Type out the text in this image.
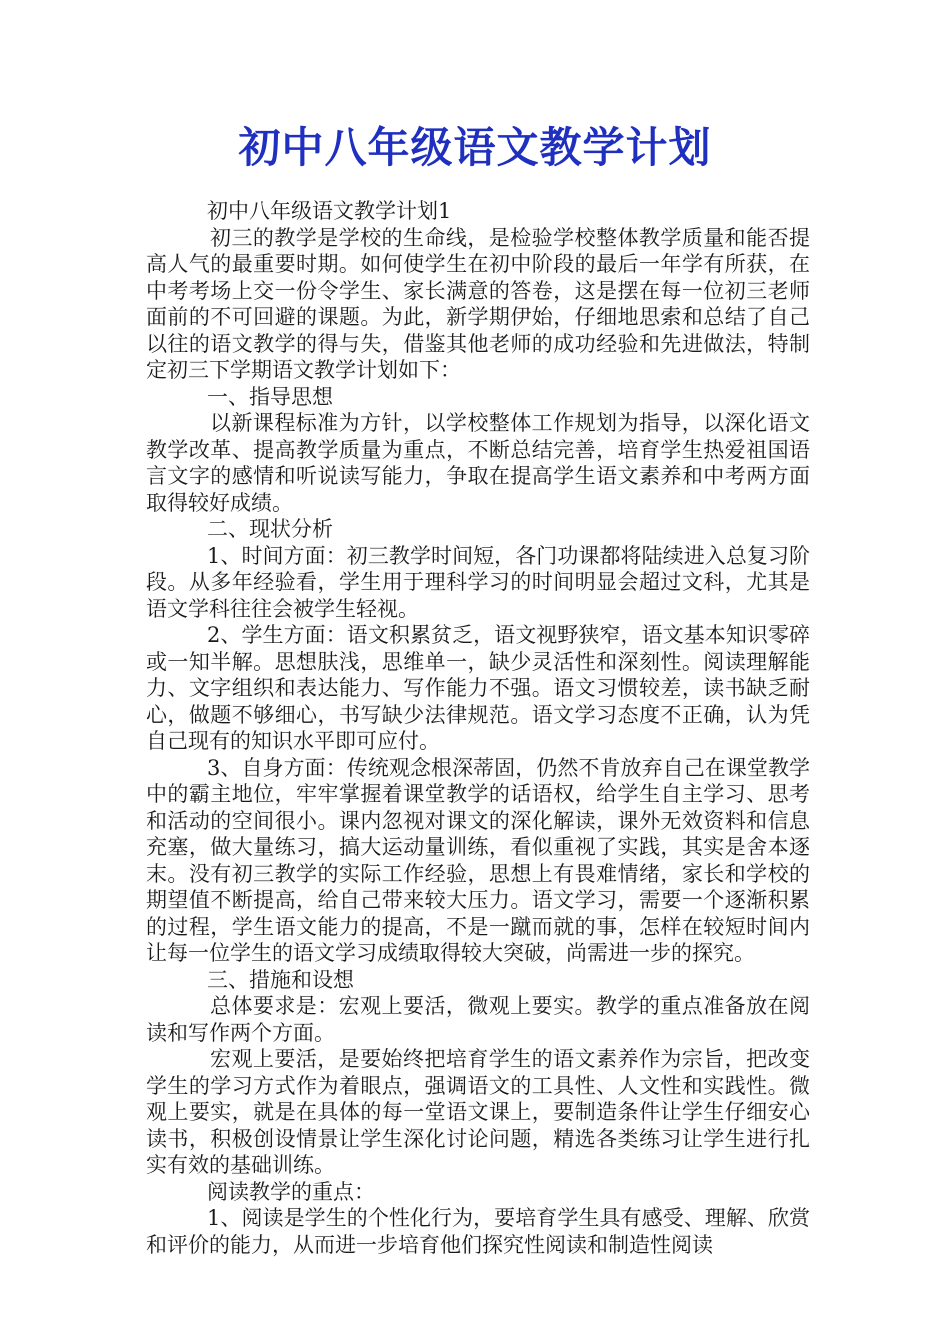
初中八年级语文教学计划

初中八年级语文教学计划1

初三的教学是学校的生命线，是检验学校整体教学质量和能否提高人气的最重要时期。如何使学生在初中阶段的最后一年学有所获，在中考考场上交一份令学生、家长满意的答卷，这是摆在每一位初三老师面前的不可回避的课题。为此，新学期伊始，仔细地思索和总结了自己以往的语文教学的得与失，借鉴其他老师的成功经验和先进做法，特制定初三下学期语文教学计划如下：

一、指导思想

以新课程标准为方针，以学校整体工作规划为指导，以深化语文教学改革、提高教学质量为重点，不断总结完善，培育学生热爱祖国语言文字的感情和听说读写能力，争取在提高学生语文素养和中考两方面取得较好成绩。

二、现状分析

1、时间方面：初三教学时间短，各门功课都将陆续进入总复习阶段。从多年经验看，学生用于理科学习的时间明显会超过文科，尤其是语文学科往往会被学生轻视。

2、学生方面：语文积累贫乏，语文视野狭窄，语文基本知识零碎或一知半解。思想肤浅，思维单一，缺少灵活性和深刻性。阅读理解能力、文字组织和表达能力、写作能力不强。语文习惯较差，读书缺乏耐心，做题不够细心，书写缺少法律规范。语文学习态度不正确，认为凭自己现有的知识水平即可应付。

3、自身方面：传统观念根深蒂固，仍然不肯放弃自己在课堂教学中的霸主地位，牢牢掌握着课堂教学的话语权，给学生自主学习、思考和活动的空间很小。课内忽视对课文的深化解读，课外无效资料和信息充塞，做大量练习，搞大运动量训练，看似重视了实践，其实是舍本逐末。没有初三教学的实际工作经验，思想上有畏难情绪，家长和学校的期望值不断提高，给自己带来较大压力。语文学习，需要一个逐渐积累的过程，学生语文能力的提高，不是一蹴而就的事，怎样在较短时间内让每一位学生的语文学习成绩取得较大突破，尚需进一步的探究。

三、措施和设想

总体要求是：宏观上要活，微观上要实。教学的重点准备放在阅读和写作两个方面。

宏观上要活，是要始终把培育学生的语文素养作为宗旨，把改变学生的学习方式作为着眼点，强调语文的工具性、人文性和实践性。微观上要实，就是在具体的每一堂语文课上，要制造条件让学生仔细安心读书，积极创设情景让学生深化讨论问题，精选各类练习让学生进行扎实有效的基础训练。

阅读教学的重点：

1、阅读是学生的个性化行为，要培育学生具有感受、理解、欣赏和评价的能力，从而进一步培育他们探究性阅读和制造性阅读
